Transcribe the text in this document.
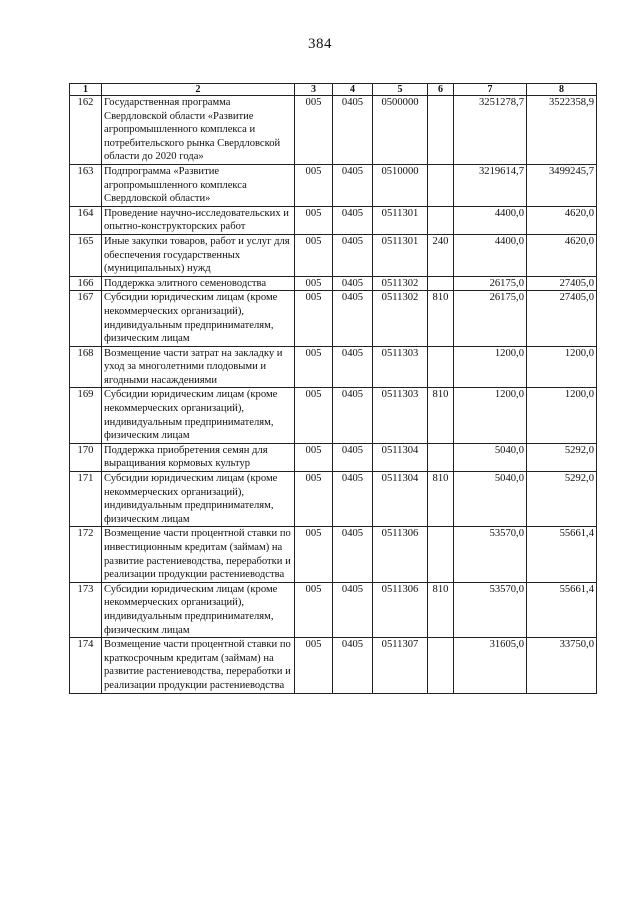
384
1	2	3	4	5	6	7	8
162	Государственная программа Свердловской области «Развитие агропромышленного комплекса и потребительского рынка Свердловской области до 2020 года»	005	0405	0500000		3251278,7	3522358,9
163	Подпрограмма «Развитие агропромышленного комплекса Свердловской области»	005	0405	0510000		3219614,7	3499245,7
164	Проведение научно-исследовательских и опытно-конструкторских работ	005	0405	0511301		4400,0	4620,0
165	Иные закупки товаров, работ и услуг для обеспечения государственных (муниципальных) нужд	005	0405	0511301	240	4400,0	4620,0
166	Поддержка элитного семеноводства	005	0405	0511302		26175,0	27405,0
167	Субсидии юридическим лицам (кроме некоммерческих организаций), индивидуальным предпринимателям, физическим лицам	005	0405	0511302	810	26175,0	27405,0
168	Возмещение части затрат на закладку и уход за многолетними плодовыми и ягодными насаждениями	005	0405	0511303		1200,0	1200,0
169	Субсидии юридическим лицам (кроме некоммерческих организаций), индивидуальным предпринимателям, физическим лицам	005	0405	0511303	810	1200,0	1200,0
170	Поддержка приобретения семян для выращивания кормовых культур	005	0405	0511304		5040,0	5292,0
171	Субсидии юридическим лицам (кроме некоммерческих организаций), индивидуальным предпринимателям, физическим лицам	005	0405	0511304	810	5040,0	5292,0
172	Возмещение части процентной ставки по инвестиционным кредитам (займам) на развитие растениеводства, переработки и реализации продукции растениеводства	005	0405	0511306		53570,0	55661,4
173	Субсидии юридическим лицам (кроме некоммерческих организаций), индивидуальным предпринимателям, физическим лицам	005	0405	0511306	810	53570,0	55661,4
174	Возмещение части процентной ставки по краткосрочным кредитам (займам) на развитие растениеводства, переработки и реализации продукции растениеводства	005	0405	0511307		31605,0	33750,0
